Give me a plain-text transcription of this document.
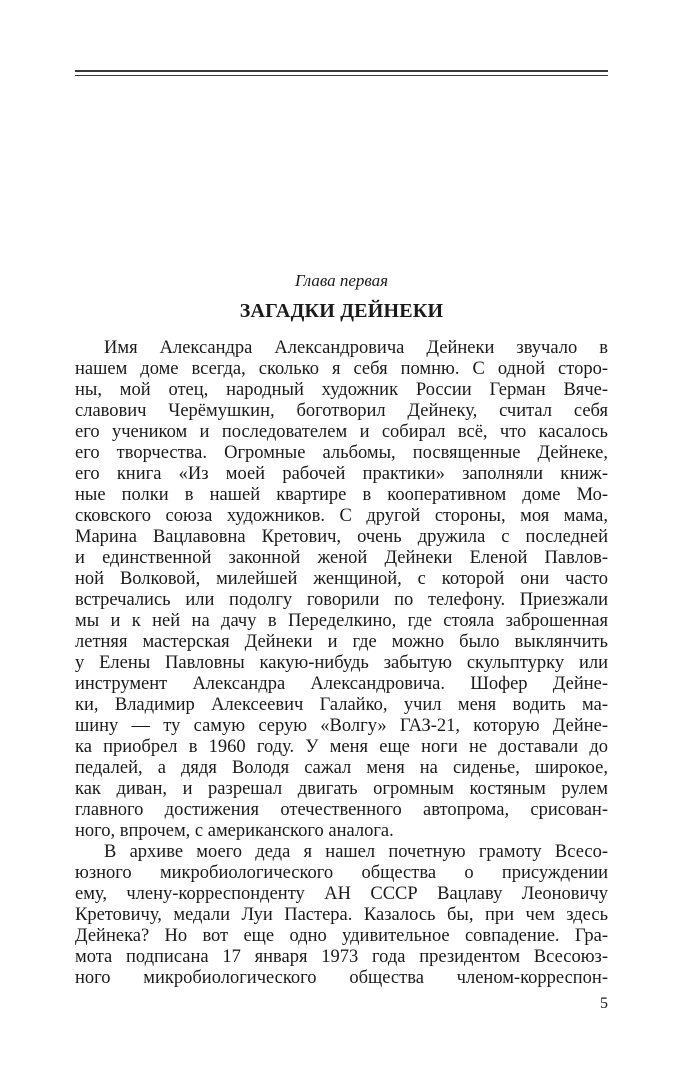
Глава первая
ЗАГАДКИ ДЕЙНЕКИ
Имя Александра Александровича Дейнеки звучало в
нашем доме всегда, сколько я себя помню. С одной сторо-
ны, мой отец, народный художник России Герман Вяче-
славович Черёмушкин, боготворил Дейнеку, считал себя
его учеником и последователем и собирал всё, что касалось
его творчества. Огромные альбомы, посвященные Дейнеке,
его книга «Из моей рабочей практики» заполняли книж-
ные полки в нашей квартире в кооперативном доме Мо-
сковского союза художников. С другой стороны, моя мама,
Марина Вацлавовна Кретович, очень дружила с последней
и единственной законной женой Дейнеки Еленой Павлов-
ной Волковой, милейшей женщиной, с которой они часто
встречались или подолгу говорили по телефону. Приезжали
мы и к ней на дачу в Переделкино, где стояла заброшенная
летняя мастерская Дейнеки и где можно было выклянчить
у Елены Павловны какую-нибудь забытую скульптурку или
инструмент Александра Александровича. Шофер Дейне-
ки, Владимир Алексеевич Галайко, учил меня водить ма-
шину — ту самую серую «Волгу» ГАЗ-21, которую Дейне-
ка приобрел в 1960 году. У меня еще ноги не доставали до
педалей, а дядя Володя сажал меня на сиденье, широкое,
как диван, и разрешал двигать огромным костяным рулем
главного достижения отечественного автопрома, срисован-
ного, впрочем, с американского аналога.
В архиве моего деда я нашел почетную грамоту Всесо-
юзного микробиологического общества о присуждении
ему, члену-корреспонденту АН СССР Вацлаву Леоновичу
Кретовичу, медали Луи Пастера. Казалось бы, при чем здесь
Дейнека? Но вот еще одно удивительное совпадение. Гра-
мота подписана 17 января 1973 года президентом Всесоюз-
ного микробиологического общества членом-корреспон-
5
